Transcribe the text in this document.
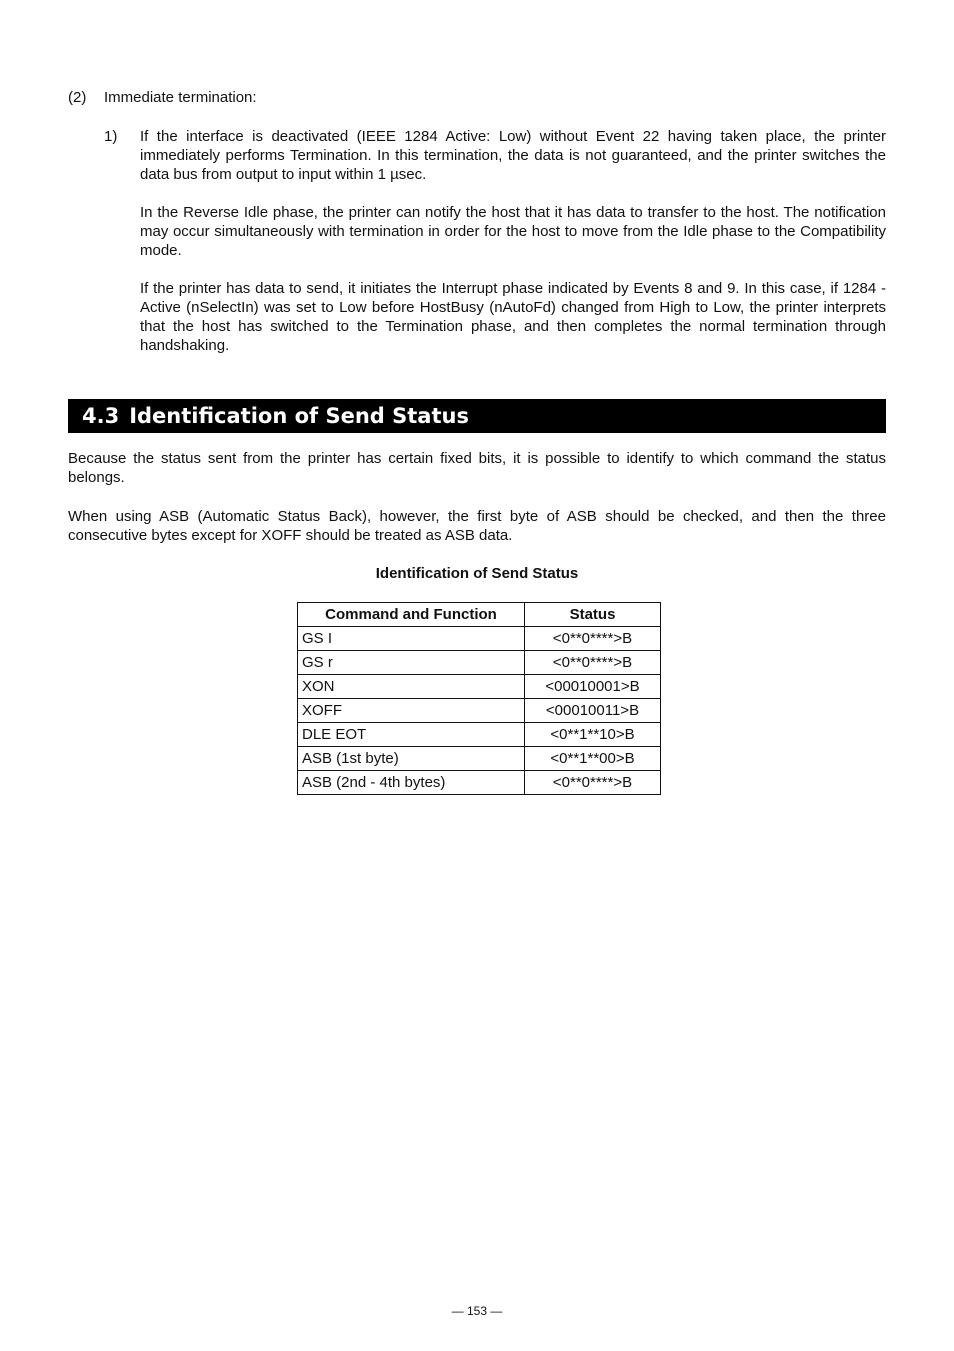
(2) Immediate termination:
1)	If the interface is deactivated (IEEE 1284 Active: Low) without Event 22 having taken place, the printer immediately performs Termination. In this termination, the data is not guaranteed, and the printer switches the data bus from output to input within 1 µsec.

In the Reverse Idle phase, the printer can notify the host that it has data to transfer to the host. The notification may occur simultaneously with termination in order for the host to move from the Idle phase to the Compatibility mode.

If the printer has data to send, it initiates the Interrupt phase indicated by Events 8 and 9. In this case, if 1284 - Active (nSelectIn) was set to Low before HostBusy (nAutoFd) changed from High to Low, the printer interprets that the host has switched to the Termination phase, and then completes the normal termination through handshaking.

4.3 Identification of Send Status

Because the status sent from the printer has certain fixed bits, it is possible to identify to which command the status belongs.

When using ASB (Automatic Status Back), however, the first byte of ASB should be checked, and then the three consecutive bytes except for XOFF should be treated as ASB data.

Identification of Send Status
Command and Function	Status
GS I	<0**0****>B
GS r	<0**0****>B
XON	<00010001>B
XOFF	<00010011>B
DLE EOT	<0**1**10>B
ASB (1st byte)	<0**1**00>B
ASB (2nd - 4th bytes)	<0**0****>B
— 153 —
